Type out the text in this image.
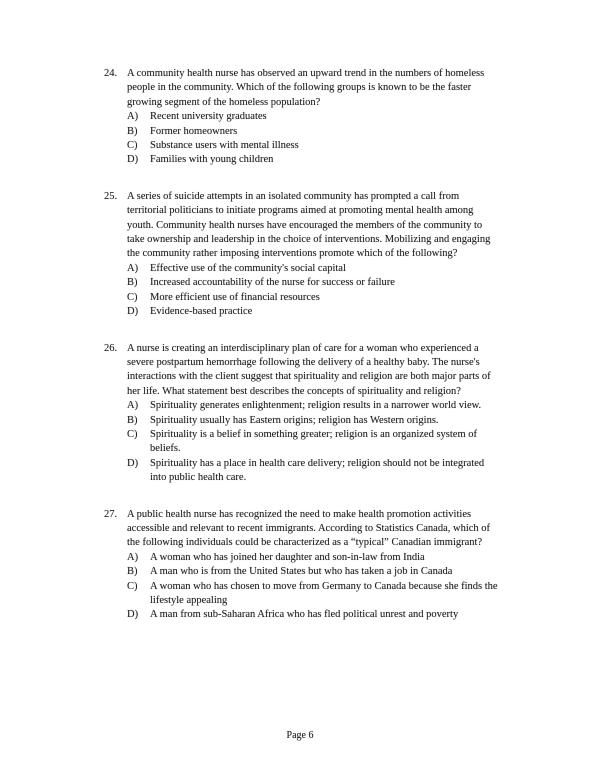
24. A community health nurse has observed an upward trend in the numbers of homeless
people in the community. Which of the following groups is known to be the faster
growing segment of the homeless population?
A)	Recent university graduates
B)	Former homeowners
C)	Substance users with mental illness
D)	Families with young children
25. A series of suicide attempts in an isolated community has prompted a call from
territorial politicians to initiate programs aimed at promoting mental health among
youth. Community health nurses have encouraged the members of the community to
take ownership and leadership in the choice of interventions. Mobilizing and engaging
the community rather imposing interventions promote which of the following?
A)	Effective use of the community's social capital
B)	Increased accountability of the nurse for success or failure
C)	More efficient use of financial resources
D)	Evidence-based practice
26. A nurse is creating an interdisciplinary plan of care for a woman who experienced a
severe postpartum hemorrhage following the delivery of a healthy baby. The nurse's
interactions with the client suggest that spirituality and religion are both major parts of
her life. What statement best describes the concepts of spirituality and religion?
A)	Spirituality generates enlightenment; religion results in a narrower world view.
B)	Spirituality usually has Eastern origins; religion has Western origins.
C)	Spirituality is a belief in something greater; religion is an organized system of
beliefs.
D)	Spirituality has a place in health care delivery; religion should not be integrated
into public health care.
27. A public health nurse has recognized the need to make health promotion activities
accessible and relevant to recent immigrants. According to Statistics Canada, which of
the following individuals could be characterized as a “typical” Canadian immigrant?
A)	A woman who has joined her daughter and son-in-law from India
B)	A man who is from the United States but who has taken a job in Canada
C)	A woman who has chosen to move from Germany to Canada because she finds the
lifestyle appealing
D)	A man from sub-Saharan Africa who has fled political unrest and poverty
Page 6
